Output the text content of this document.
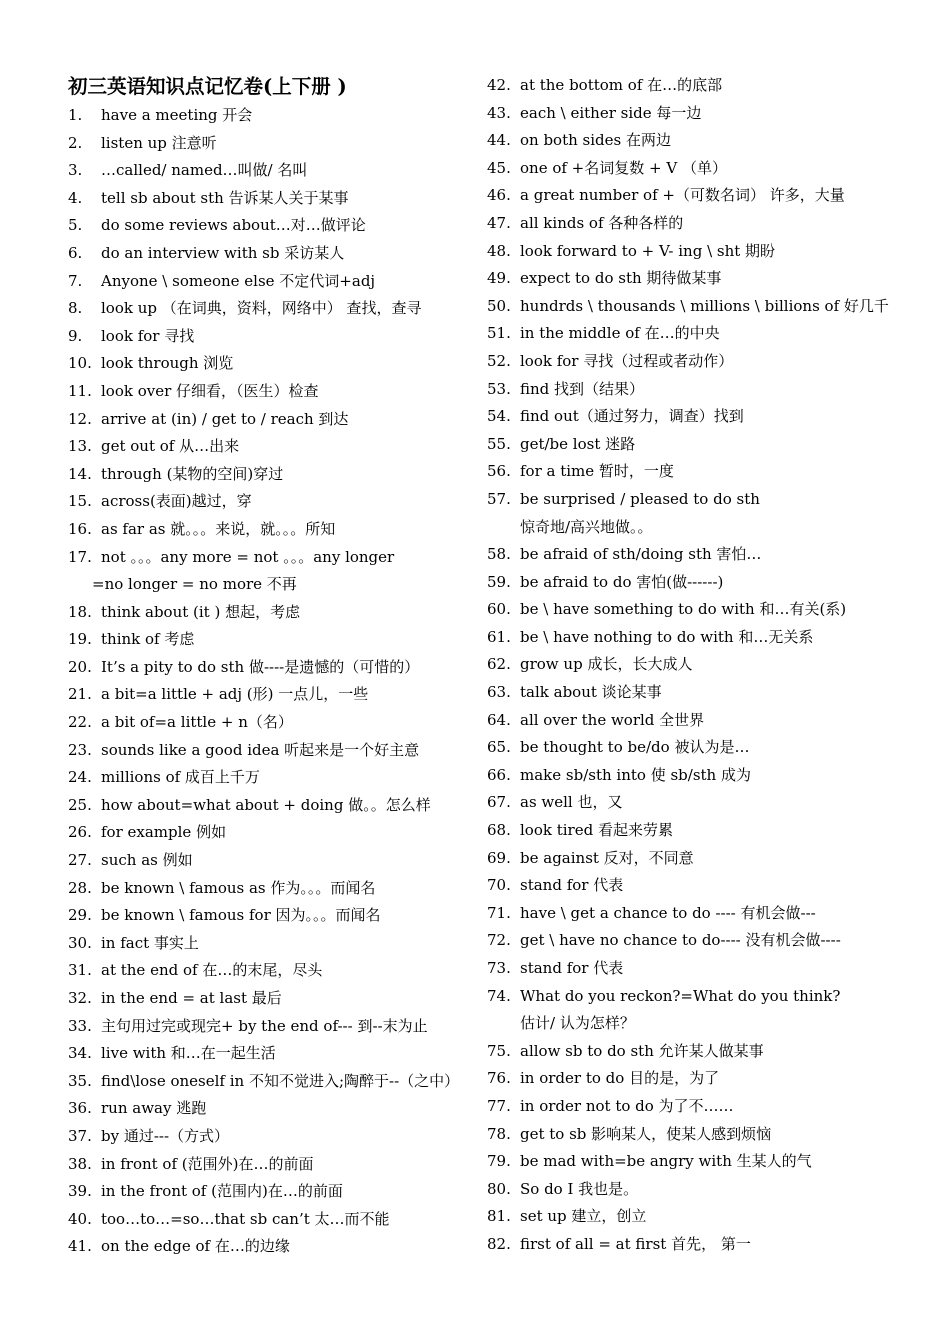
初三英语知识点记忆卷(上下册 )
1.	have a meeting 开会
2.	listen up 注意听
3.	…called/ named…叫做/ 名叫
4.	tell sb about sth 告诉某人关于某事
5.	do some reviews about…对…做评论
6.	do an interview with sb 采访某人
7.	Anyone \ someone else 不定代词+adj
8.	look up （在词典，资料，网络中） 查找，查寻
9.	look for 寻找
10. look through 浏览
11. look over 仔细看，（医生）检查
12. arrive at (in) / get to / reach 到达
13. get out of 从…出来
14. through (某物的空间)穿过
15. across(表面)越过，穿
16. as far as 就。。。来说，就。。。所知
17. not 。。。any more = not 。。。any longer
=no longer = no more 不再
18. think about (it ) 想起，考虑
19. think of 考虑
20. It’s a pity to do sth 做----是遗憾的（可惜的）
21. a bit=a little + adj (形) 一点儿，一些
22. a bit of=a little + n（名）
23. sounds like a good idea 听起来是一个好主意
24. millions of 成百上千万
25. how about=what about + doing 做。。怎么样
26. for example 例如
27. such as 例如
28. be known \ famous as 作为。。。而闻名
29. be known \ famous for 因为。。。而闻名
30. in fact 事实上
31. at the end of 在…的末尾，尽头
32. in the end = at last 最后
33. 主句用过完或现完+ by the end of--- 到--末为止
34. live with 和…在一起生活
35. find\lose oneself in 不知不觉进入;陶醉于--（之中）
36. run away 逃跑
37. by 通过---（方式）
38. in front of (范围外)在…的前面
39. in the front of (范围内)在…的前面
40. too…to…=so…that sb can’t 太…而不能
41. on the edge of 在…的边缘
42. at the bottom of 在…的底部
43. each \ either side 每一边
44. on both sides 在两边
45. one of +名词复数 + V （单）
46. a great number of +（可数名词） 许多，大量
47. all kinds of 各种各样的
48. look forward to + V- ing \ sht 期盼
49. expect to do sth 期待做某事
50. hundrds \ thousands \ millions \ billions of 好几千
51. in the middle of 在…的中央
52. look for 寻找（过程或者动作）
53. find 找到（结果）
54. find out（通过努力，调查）找到
55. get/be lost 迷路
56. for a time 暂时，一度
57. be surprised / pleased to do sth
惊奇地/高兴地做。。
58. be afraid of sth/doing sth 害怕…
59. be afraid to do 害怕(做------)
60. be \ have something to do with 和…有关(系)
61. be \ have nothing to do with 和…无关系
62. grow up 成长，长大成人
63. talk about 谈论某事
64. all over the world 全世界
65. be thought to be/do 被认为是…
66. make sb/sth into 使 sb/sth 成为
67. as well 也，又
68. look tired 看起来劳累
69. be against 反对，不同意
70. stand for 代表
71. have \ get a chance to do ---- 有机会做---
72. get \ have no chance to do---- 没有机会做----
73. stand for 代表
74. What do you reckon?=What do you think?
估计/ 认为怎样？
75. allow sb to do sth 允许某人做某事
76. in order to do 目的是，为了
77. in order not to do 为了不……
78. get to sb 影响某人，使某人感到烦恼
79. be mad with=be angry with 生某人的气
80. So do I 我也是。
81. set up 建立，创立
82. first of all = at first 首先， 第一
